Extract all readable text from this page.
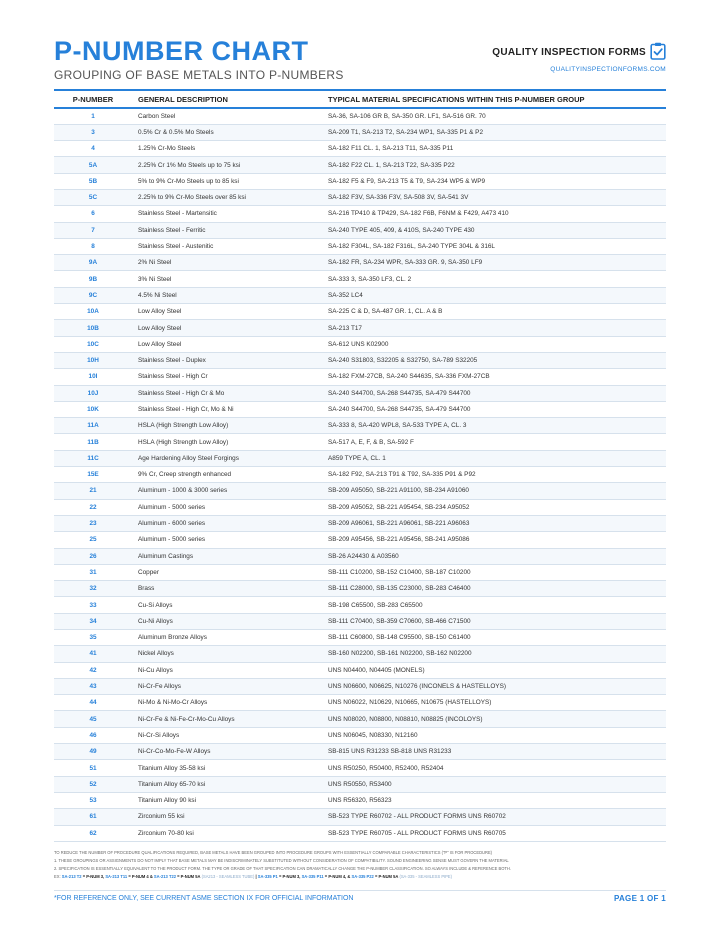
P-NUMBER CHART
GROUPING OF BASE METALS INTO P-NUMBERS
QUALITY INSPECTION FORMS
QUALITYINSPECTIONFORMS.COM
P-NUMBER	GENERAL DESCRIPTION	TYPICAL MATERIAL SPECIFICATIONS WITHIN THIS P-NUMBER GROUP
1	Carbon Steel	SA-36, SA-106 GR B, SA-350 GR. LF1, SA-516 GR. 70
3	0.5% Cr & 0.5% Mo Steels	SA-209 T1, SA-213 T2, SA-234 WP1, SA-335 P1 & P2
4	1.25% Cr-Mo Steels	SA-182 F11 CL. 1, SA-213 T11, SA-335 P11
5A	2.25% Cr 1% Mo Steels up to 75 ksi	SA-182 F22 CL. 1, SA-213 T22, SA-335 P22
5B	5% to 9% Cr-Mo Steels up to 85 ksi	SA-182 F5 & F9, SA-213 T5 & T9, SA-234 WP5 & WP9
5C	2.25% to 9% Cr-Mo Steels over 85 ksi	SA-182 F3V, SA-336 F3V, SA-508 3V, SA-541 3V
6	Stainless Steel - Martensitic	SA-216 TP410 & TP429, SA-182 F6B, F6NM & F429, A473 410
7	Stainless Steel - Ferritic	SA-240 TYPE 405, 409, & 410S, SA-240 TYPE 430
8	Stainless Steel - Austenitic	SA-182 F304L, SA-182 F316L, SA-240 TYPE 304L & 316L
9A	2% Ni Steel	SA-182 FR, SA-234 WPR, SA-333 GR. 9, SA-350 LF9
9B	3% Ni Steel	SA-333 3, SA-350 LF3, CL. 2
9C	4.5% Ni Steel	SA-352 LC4
10A	Low Alloy Steel	SA-225 C & D, SA-487 GR. 1, CL. A & B
10B	Low Alloy Steel	SA-213 T17
10C	Low Alloy Steel	SA-612 UNS K02900
10H	Stainless Steel - Duplex	SA-240 S31803, S32205 & S32750, SA-789 S32205
10I	Stainless Steel - High Cr	SA-182 FXM-27CB, SA-240 S44635, SA-336 FXM-27CB
10J	Stainless Steel - High Cr & Mo	SA-240 S44700, SA-268 S44735, SA-479 S44700
10K	Stainless Steel - High Cr, Mo & Ni	SA-240 S44700, SA-268 S44735, SA-479 S44700
11A	HSLA (High Strength Low Alloy)	SA-333 8, SA-420 WPL8, SA-533 TYPE A, CL. 3
11B	HSLA (High Strength Low Alloy)	SA-517 A, E, F, & B, SA-592 F
11C	Age Hardening Alloy Steel Forgings	A859 TYPE A, CL. 1
15E	9% Cr, Creep strength enhanced	SA-182 F92, SA-213 T91 & T92, SA-335 P91 & P92
21	Aluminum - 1000 & 3000 series	SB-209 A95050, SB-221 A91100, SB-234 A91060
22	Aluminum - 5000 series	SB-209 A95052, SB-221 A95454, SB-234 A95052
23	Aluminum - 6000 series	SB-209 A96061, SB-221 A96061, SB-221 A96063
25	Aluminum - 5000 series	SB-209 A95456, SB-221 A95456, SB-241 A95086
26	Aluminum Castings	SB-26 A24430 & A03560
31	Copper	SB-111 C10200, SB-152 C10400, SB-187 C10200
32	Brass	SB-111 C28000, SB-135 C23000, SB-283 C46400
33	Cu-Si Alloys	SB-198 C65500, SB-283 C65500
34	Cu-Ni Alloys	SB-111 C70400, SB-359 C70600, SB-466 C71500
35	Aluminum Bronze Alloys	SB-111 C60800, SB-148 C95500, SB-150 C61400
41	Nickel Alloys	SB-160 N02200, SB-161 N02200, SB-162 N02200
42	Ni-Cu Alloys	UNS N04400, N04405 (MONELS)
43	Ni-Cr-Fe Alloys	UNS N06600, N06625, N10276 (INCONELS & HASTELLOYS)
44	Ni-Mo & Ni-Mo-Cr Alloys	UNS N06022, N10629, N10665, N10675 (HASTELLOYS)
45	Ni-Cr-Fe & Ni-Fe-Cr-Mo-Cu Alloys	UNS N08020, N08800, N08810, N08825 (INCOLOYS)
46	Ni-Cr-Si Alloys	UNS N06045, N08330, N12160
49	Ni-Cr-Co-Mo-Fe-W Alloys	SB-815 UNS R31233 SB-818 UNS R31233
51	Titanium Alloy 35-58 ksi	UNS R50250, R50400, R52400, R52404
52	Titanium Alloy 65-70 ksi	UNS R50550, R53400
53	Titanium Alloy 90 ksi	UNS R56320, R56323
61	Zirconium 55 ksi	SB-523 TYPE R60702 - ALL PRODUCT FORMS UNS R60702
62	Zirconium 70-80 ksi	SB-523 TYPE R60705 - ALL PRODUCT FORMS UNS R60705
TO REDUCE THE NUMBER OF PROCEDURE QUALIFICATIONS REQUIRED, BASE METALS HAVE BEEN GROUPED INTO PROCEDURE GROUPS WITH ESSENTIALLY COMPARABLE CHARACTERISTICS ("P" IS FOR PROCEDURE)
1. THESE GROUPINGS OR ASSIGNMENTS DO NOT IMPLY THAT BASE METALS MAY BE INDISCRIMINATELY SUBSTITUTED WITHOUT CONSIDERATION OF COMPATIBILITY. SOUND ENGINEERING SENSE MUST GOVERN THE MATERIAL
2. SPECIFICATION IS ESSENTIALLY EQUIVALENT TO THE PRODUCT FORM. THE TYPE OR GRADE OF THAT SPECIFICATION CAN DRAMATICALLY CHANGE THE P-NUMBER CLASSIFICATION. SO ALWAYS INCLUDE & REFERENCE BOTH.
EX: SA-213 T2 = P-NUM 3, SA-213 T11 = P-NUM 4 & SA-213 T22 = P-NUM 5A (SA213 - SEAMLESS TUBE) | SA-335 P1 = P-NUM 3, SA-335 P11 = P-NUM 4, & SA-335 P22 = P-NUM 5A (SA-335 - SEAMLESS PIPE)
*FOR REFERENCE ONLY, SEE CURRENT ASME SECTION IX FOR OFFICIAL INFORMATION	PAGE 1 OF 1
